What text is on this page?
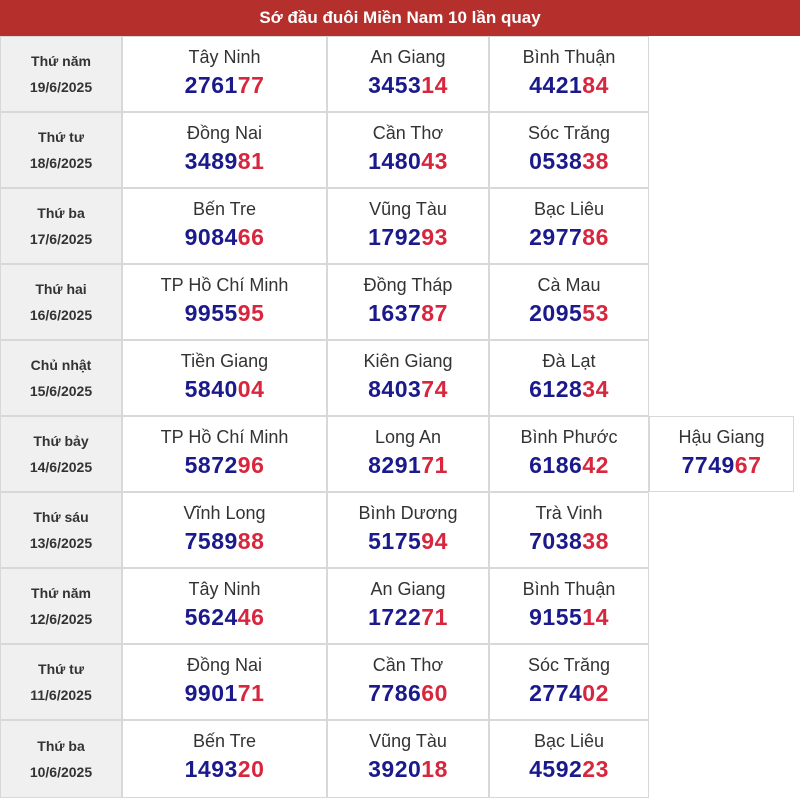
Sớ đầu đuôi Miền Nam 10 lần quay
Thứ năm
19/6/2025
Tây Ninh
276177
An Giang
345314
Bình Thuận
442184
Thứ tư
18/6/2025
Đồng Nai
348981
Cần Thơ
148043
Sóc Trăng
053838
Thứ ba
17/6/2025
Bến Tre
908466
Vũng Tàu
179293
Bạc Liêu
297786
Thứ hai
16/6/2025
TP Hồ Chí Minh
995595
Đồng Tháp
163787
Cà Mau
209553
Chủ nhật
15/6/2025
Tiền Giang
584004
Kiên Giang
840374
Đà Lạt
612834
Thứ bảy
14/6/2025
TP Hồ Chí Minh
587296
Long An
829171
Bình Phước
618642
Hậu Giang
774967
Thứ sáu
13/6/2025
Vĩnh Long
758988
Bình Dương
517594
Trà Vinh
703838
Thứ năm
12/6/2025
Tây Ninh
562446
An Giang
172271
Bình Thuận
915514
Thứ tư
11/6/2025
Đồng Nai
990171
Cần Thơ
778660
Sóc Trăng
277402
Thứ ba
10/6/2025
Bến Tre
149320
Vũng Tàu
392018
Bạc Liêu
459223
